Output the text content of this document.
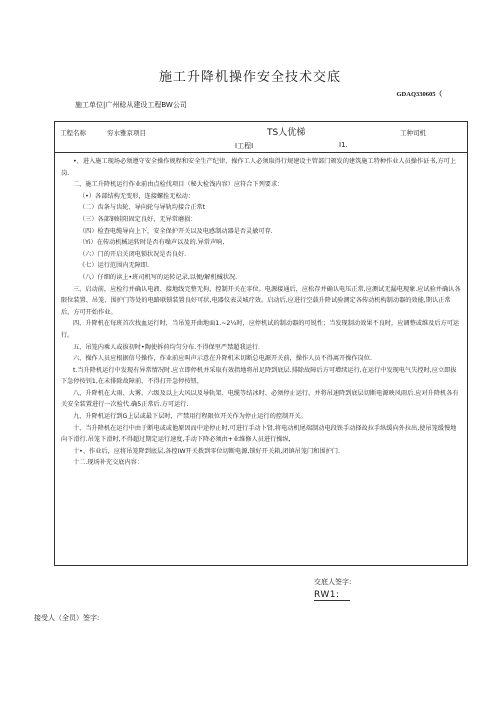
施工升降机操作安全技术交底
GDAQ330605（
施工单位|广州稔从建设工程BW公司
工程名称	穷水雅京项目	TS人优梯	工种司机
I工程I	I1.

•、进入施工现场必须遵守安全操作规程和安全生产纪律，操作工人必须取得行规建设主管部门颁发的建筑施工特种作业人员操作证书,方可上岗.

二、施工升降机运行作业前由点检伐项目（秘大检饯内容）应符合下列要求：

（•）各部结构无变形，连接螺拴无松动：

（二）齿条与齿轮、导向轮与导轨均接合正常t

（三）各部钢蛙阳固定良好，无异常磨损：

（四）检查电缆导向上下，安全保护开关以及电感制动器是否灵敏可存.

（Yi）在传动机械运转时是否有噪声以及的.异常声响,

（六）门的开启关闭电锁状况是否良好.

《七）运行范围内无障即.

（八）仔细的读上•班司机写的运转记录,以便/解机械状况.

三、启动前，应检行并确认电液、接地线完整无拘，控制开关在零位。电源接通后，应松存并确认电压正常,应测试无漏电现象.应试验并确认各限位装置、吊笼、围护门等处的电路联锁装置良好可状,电器仪表灵城疗效。启动后,应进行空载升降试验测定各传动机构制动器的效能,期认正常后，方可开始作业。

四、升降机在每班首次找血运行时，当吊笼开曲地面1.~2¼时，应停机试的制动器的可锐性；当发现制动效果不良时，应调整或维及后方可运行。

五、吊笼内乘人或拔初时•陶使拆荷均匀分布.不得保里严禁超我运行.

六、操作人员应根据信号操作，作业前应叫声示意在升降机末切断总电源开关前，操作人员不得离开操作岗位.

t.当升降机运行中发现有异常情况时.应立即停机并采取有效指地将吊足降到底层.排除故障后方可增续运行,在运行中发现电气失控时,应立即拔下急停按钊1,在未排除故障前，不得打开急停按钮，

八、升降机在大雨、大雾、六级及以上大风以及导轨架、电缆等结冰时、必须停止运行，并将吊速降到底层切断电源映风雨后.应对升降机各有关安全装置进行一次检代.确5正常后.方可运行.

九、升降机运行到G上层或最下层时，产禁用行程限位开关作为停止运行的控制开关。

十、当升降机在运行中由于断电或或他原因而中途停止时,可进行手动卜肾,将电动机尾端制动电段铁手动择故拉手纵缓向外拉出,使吊笼缓慢地向下滑行.吊笼下滑时,不得超过期定运行速度,手动下降必须由+业维修人员进行操纵,

十•、作业后，应将吊笼降到底层,各控IW开关拨到零位切断电源,锁好开关箱,闭镇吊笼门和围护门.

十二.现场补充交底内容：

交底人签字:
RW1:
接受人（全员）签字:
